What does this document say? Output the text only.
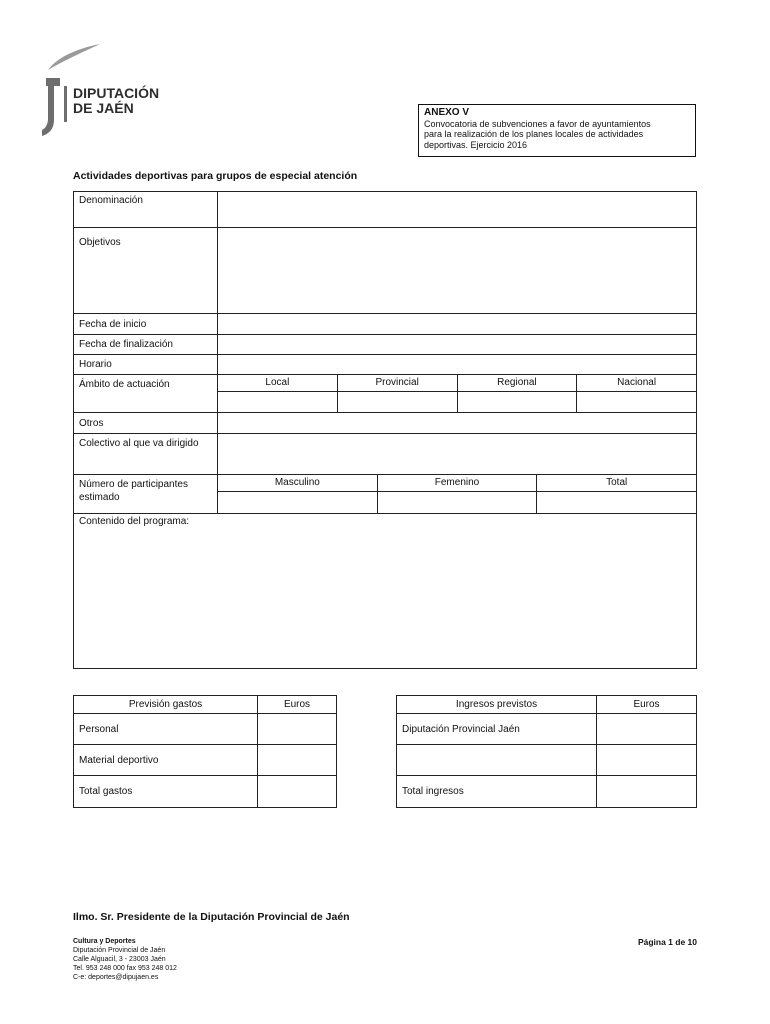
DIPUTACIÓN
DE JAÉN	ANEXO V
Convocatoria de subvenciones a favor de ayuntamientos
para la realización de los planes locales de actividades
deportivas. Ejercicio 2016
Actividades deportivas para grupos de especial atención
Denominación
Objetivos
Fecha de inicio
Fecha de finalización
Horario
Ámbito de actuación	Local	Provincial	Regional	Nacional
Otros
Colectivo al que va dirigido
Número de participantes
estimado
Masculino	Femenino	Total
Contenido del programa:
Previsión gastos	Euros
Personal
Material deportivo
Total gastos
Ingresos previstos	Euros
Diputación Provincial Jaén
Total ingresos
Ilmo. Sr. Presidente de la Diputación Provincial de Jaén
Cultura y Deportes
Diputación Provincial de Jaén
Calle Alguacil, 3 - 23003 Jaén
Tel. 953 248 000 fax 953 248 012
C-e: deportes@dipujaen.es
Página 1 de 10
